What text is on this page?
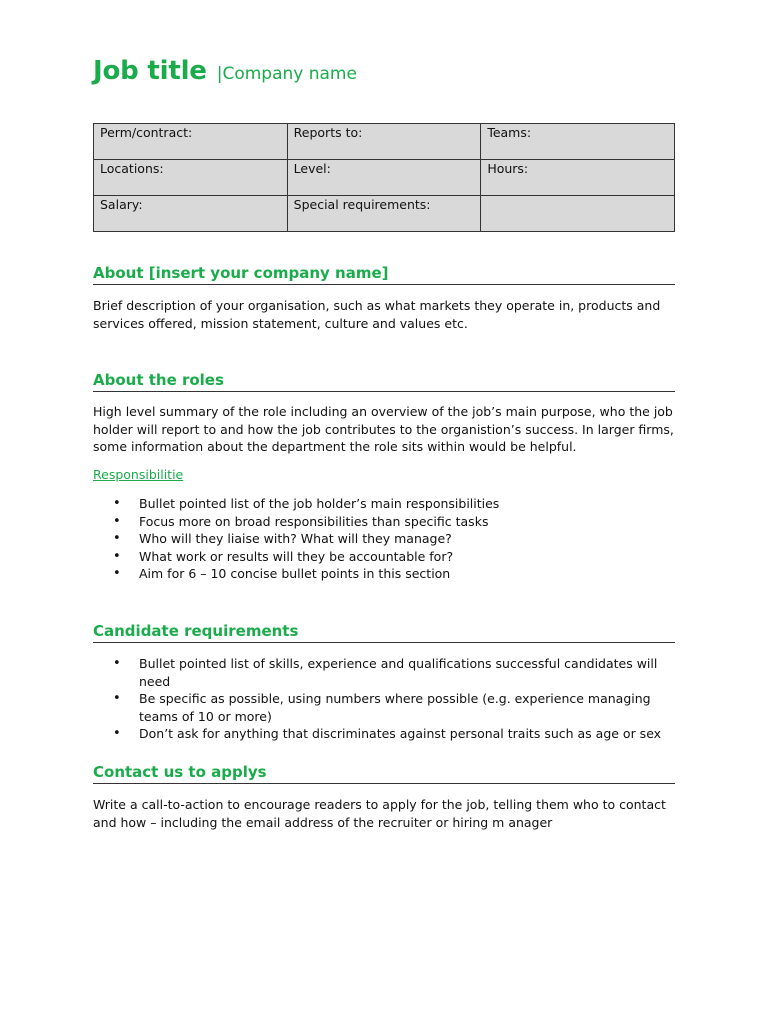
Job title |Company name
Perm/contract:	Reports to:	Teams:
Locations:	Level:	Hours:
Salary:	Special requirements:	
About [insert your company name]
Brief description of your organisation, such as what markets they operate in, products and services offered, mission statement, culture and values etc.
About the roles
High level summary of the role including an overview of the job’s main purpose, who the job holder will report to and how the job contributes to the organistion’s success. In larger firms, some information about the department the role sits within would be helpful.
Responsibilitie
• Bullet pointed list of the job holder’s main responsibilities
• Focus more on broad responsibilities than specific tasks
• Who will they liaise with? What will they manage?
• What work or results will they be accountable for?
• Aim for 6 – 10 concise bullet points in this section
Candidate requirements
• Bullet pointed list of skills, experience and qualifications successful candidates will need
• Be specific as possible, using numbers where possible (e.g. experience managing teams of 10 or more)
• Don’t ask for anything that discriminates against personal traits such as age or sex
Contact us to applys
Write a call-to-action to encourage readers to apply for the job, telling them who to contact and how – including the email address of the recruiter or hiring m anager
